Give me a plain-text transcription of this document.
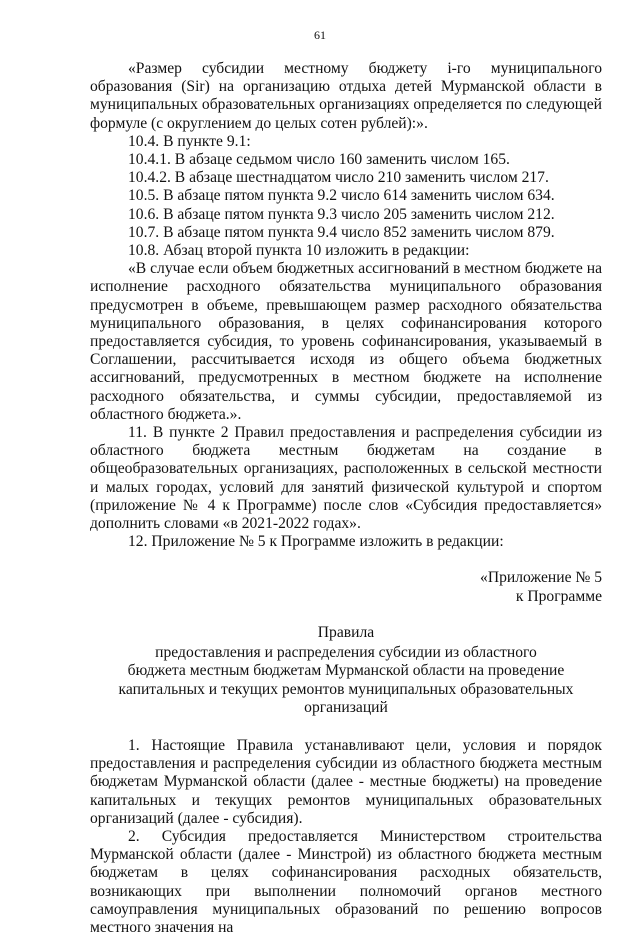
61

«Размер субсидии местному бюджету i-го муниципального образования (Sir) на организацию отдыха детей Мурманской области в муниципальных образовательных организациях определяется по следующей формуле (с округлением до целых сотен рублей):».

10.4. В пункте 9.1:

10.4.1. В абзаце седьмом число 160 заменить числом 165.

10.4.2. В абзаце шестнадцатом число 210 заменить числом 217.

10.5. В абзаце пятом пункта 9.2 число 614 заменить числом 634.

10.6. В абзаце пятом пункта 9.3 число 205 заменить числом 212.

10.7. В абзаце пятом пункта 9.4 число 852 заменить числом 879.

10.8. Абзац второй пункта 10 изложить в редакции:

«В случае если объем бюджетных ассигнований в местном бюджете на исполнение расходного обязательства муниципального образования предусмотрен в объеме, превышающем размер расходного обязательства муниципального образования, в целях софинансирования которого предоставляется субсидия, то уровень софинансирования, указываемый в Соглашении, рассчитывается исходя из общего объема бюджетных ассигнований, предусмотренных в местном бюджете на исполнение расходного обязательства, и суммы субсидии, предоставляемой из областного бюджета.».

11. В пункте 2 Правил предоставления и распределения субсидии из областного бюджета местным бюджетам на создание в общеобразовательных организациях, расположенных в сельской местности и малых городах, условий для занятий физической культурой и спортом (приложение № 4 к Программе) после слов «Субсидия предоставляется» дополнить словами «в 2021-2022 годах».

12. Приложение № 5 к Программе изложить в редакции:

«Приложение № 5
к Программе
Правила
предоставления и распределения субсидии из областного
бюджета местным бюджетам Мурманской области на проведение
капитальных и текущих ремонтов муниципальных образовательных
организаций

1. Настоящие Правила устанавливают цели, условия и порядок предоставления и распределения субсидии из областного бюджета местным бюджетам Мурманской области (далее - местные бюджеты) на проведение капитальных и текущих ремонтов муниципальных образовательных организаций (далее - субсидия).

2. Субсидия предоставляется Министерством строительства Мурманской области (далее - Минстрой) из областного бюджета местным бюджетам в целях софинансирования расходных обязательств, возникающих при выполнении полномочий органов местного самоуправления муниципальных образований по решению вопросов местного значения на
